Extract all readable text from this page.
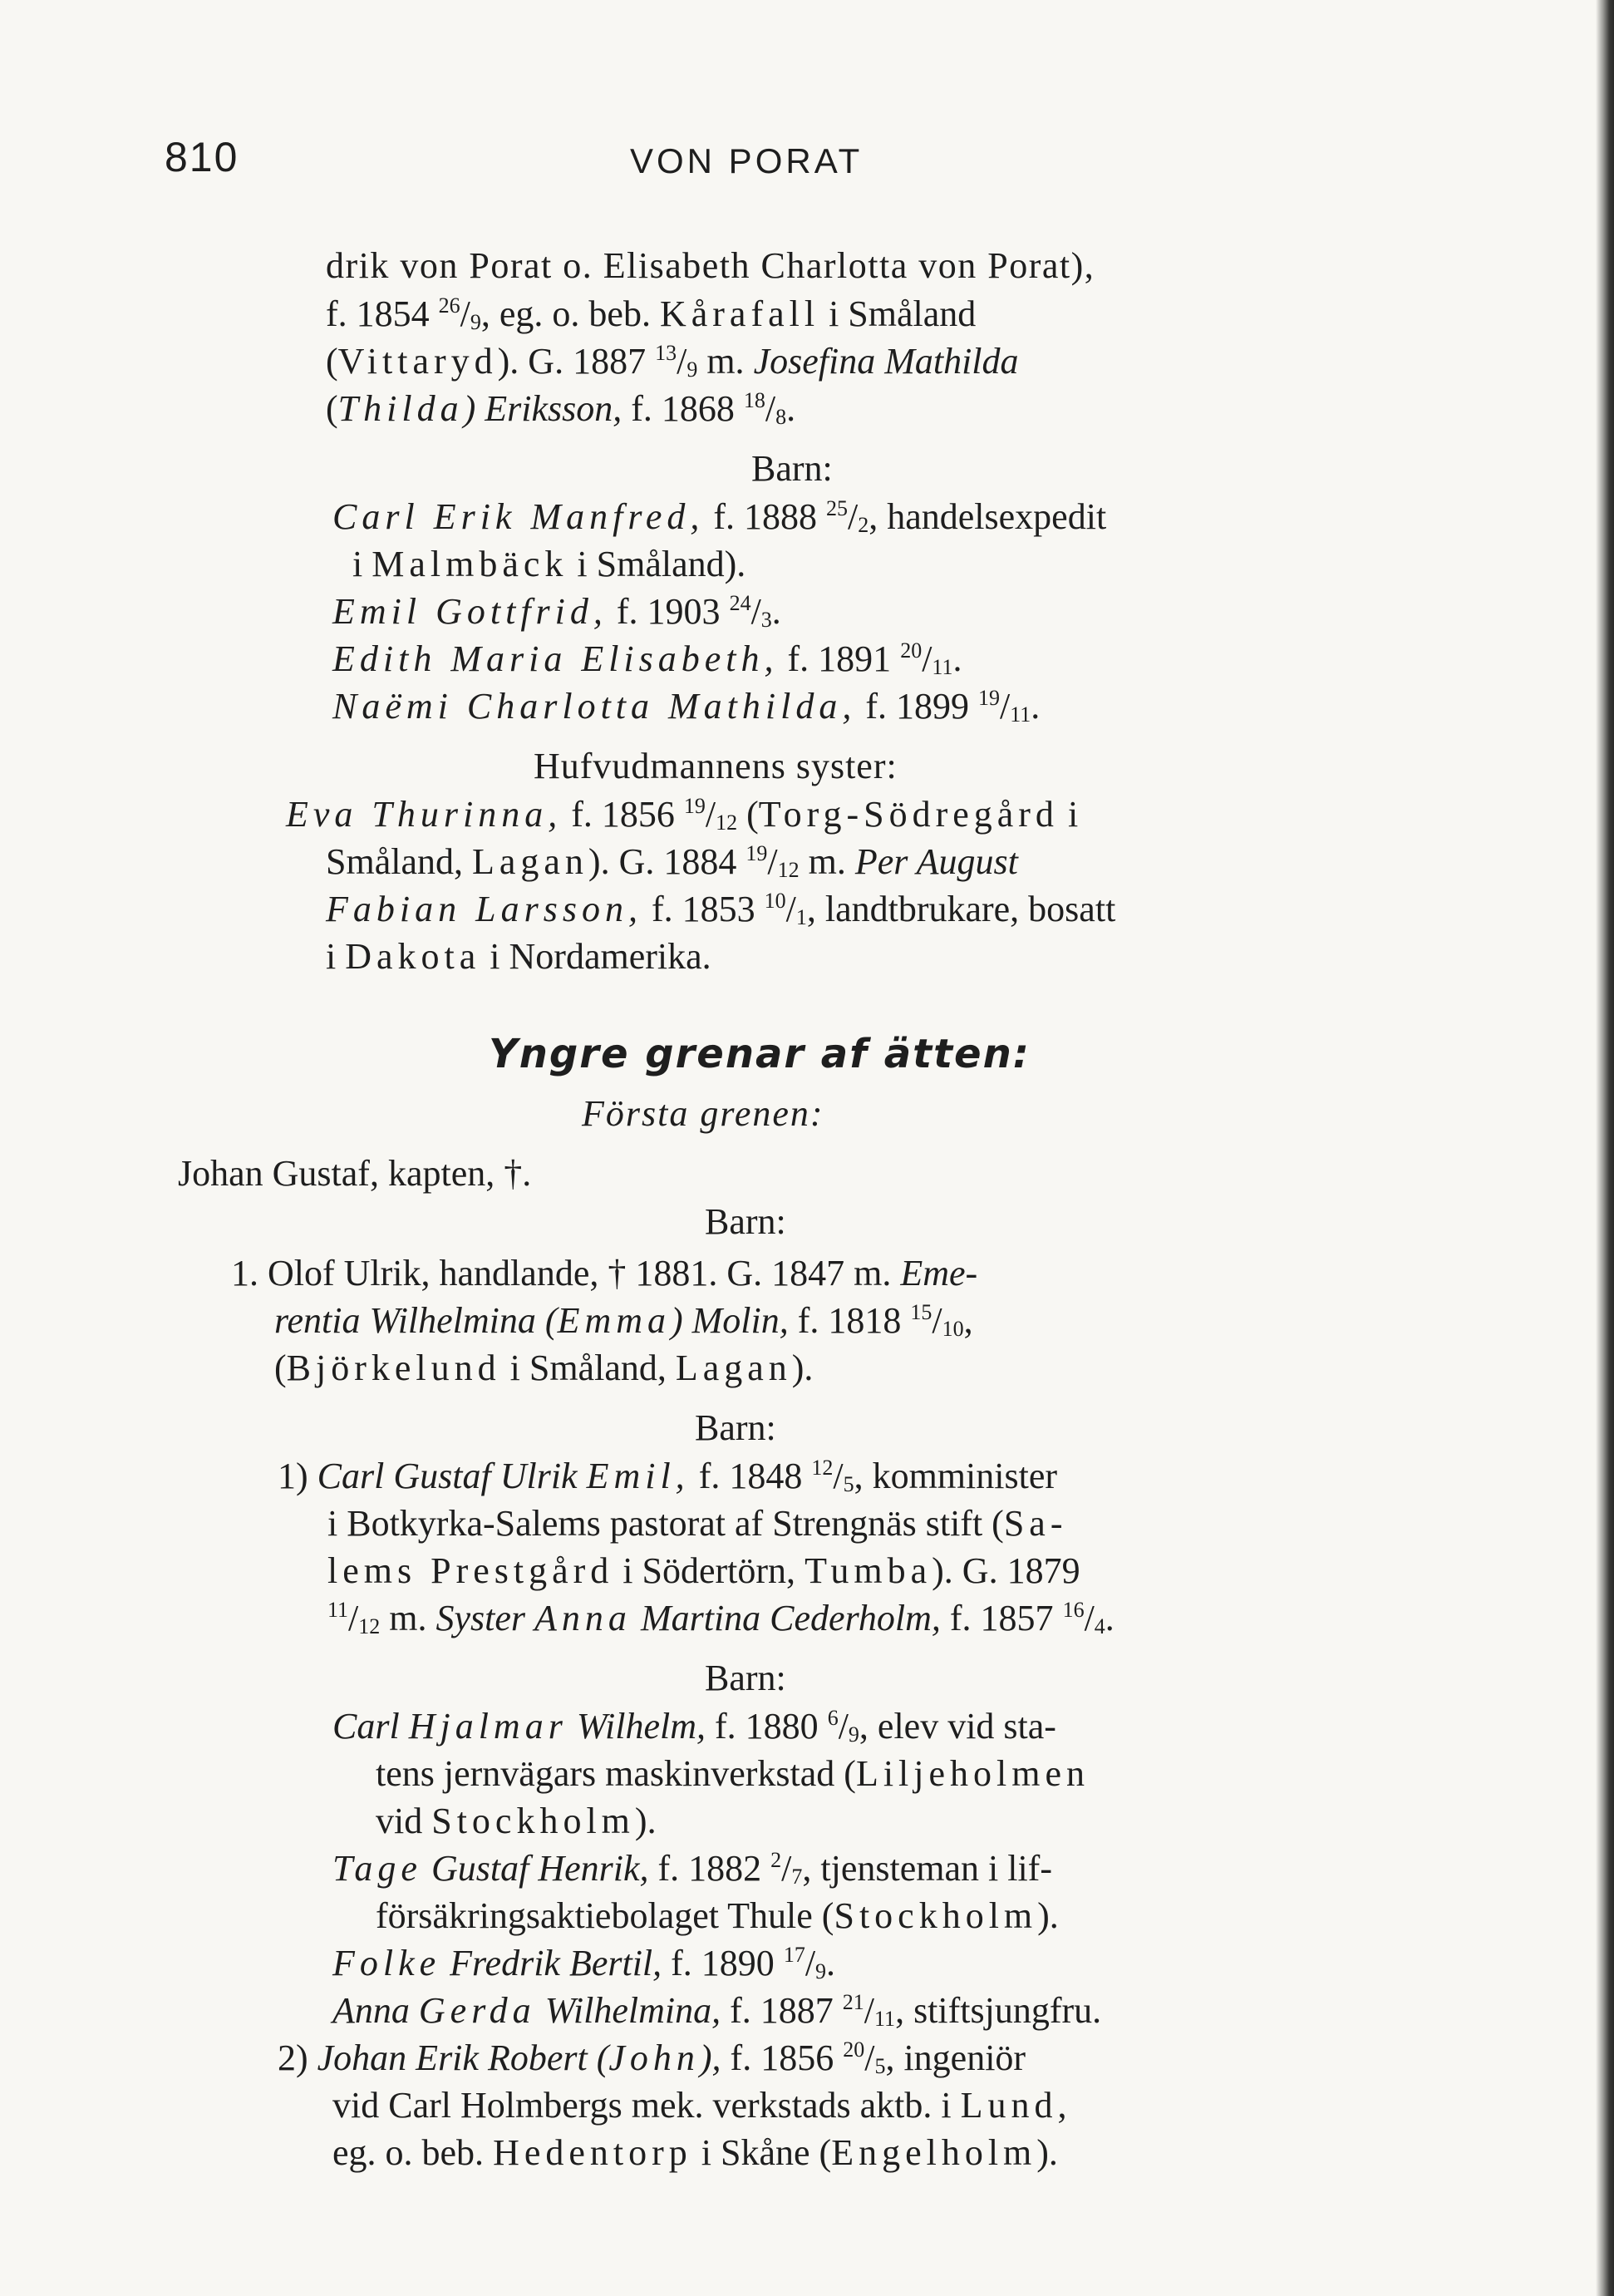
810	VON PORAT
drik von Porat o. Elisabeth Charlotta von Porat),
f. 1854 $^{26}/_9$, eg. o. beb. Kårafall i Småland
(Vittaryd). G. 1887 $^{13}/_9$ m. Josefina Mathilda
(Thilda) Eriksson, f. 1868 $^{18}/_8$.
Barn:
Carl Erik Manfred, f. 1888 $^{25}/_2$, handelsexpedit
i Malmbäck i Småland).
Emil Gottfrid, f. 1903 $^{24}/_3$.
Edith Maria Elisabeth, f. 1891 $^{20}/_{11}$.
Naëmi Charlotta Mathilda, f. 1899 $^{19}/_{11}$.
Hufvudmannens syster:
Eva Thurinna, f. 1856 $^{19}/_{12}$ (Torg-Södregård i
Småland, Lagan). G. 1884 $^{19}/_{12}$ m. Per August
Fabian Larsson, f. 1853 $^{10}/_1$, landtbrukare, bosatt
i Dakota i Nordamerika.
Yngre grenar af ätten:
Första grenen:
Johan Gustaf, kapten, †.
Barn:
1. Olof Ulrik, handlande, † 1881. G. 1847 m. Eme-
rentia Wilhelmina (Emma) Molin, f. 1818 $^{15}/_{10}$,
(Björkelund i Småland, Lagan).
Barn:
1) Carl Gustaf Ulrik Emil, f. 1848 $^{12}/_5$, komminister
i Botkyrka-Salems pastorat af Strengnäs stift (Sa-
lems Prestgård i Södertörn, Tumba). G. 1879
$^{11}/_{12}$ m. Syster Anna Martina Cederholm, f. 1857 $^{16}/_4$.
Barn:
Carl Hjalmar Wilhelm, f. 1880 $^6/_9$, elev vid sta-
tens jernvägars maskinverkstad (Liljeholmen
vid Stockholm).
Tage Gustaf Henrik, f. 1882 $^2/_7$, tjensteman i lif-
försäkringsaktiebolaget Thule (Stockholm).
Folke Fredrik Bertil, f. 1890 $^{17}/_9$.
Anna Gerda Wilhelmina, f. 1887 $^{21}/_{11}$, stiftsjungfru.
2) Johan Erik Robert (John), f. 1856 $^{20}/_5$, ingeniör
vid Carl Holmbergs mek. verkstads aktb. i Lund,
eg. o. beb. Hedentorp i Skåne (Engelholm).
